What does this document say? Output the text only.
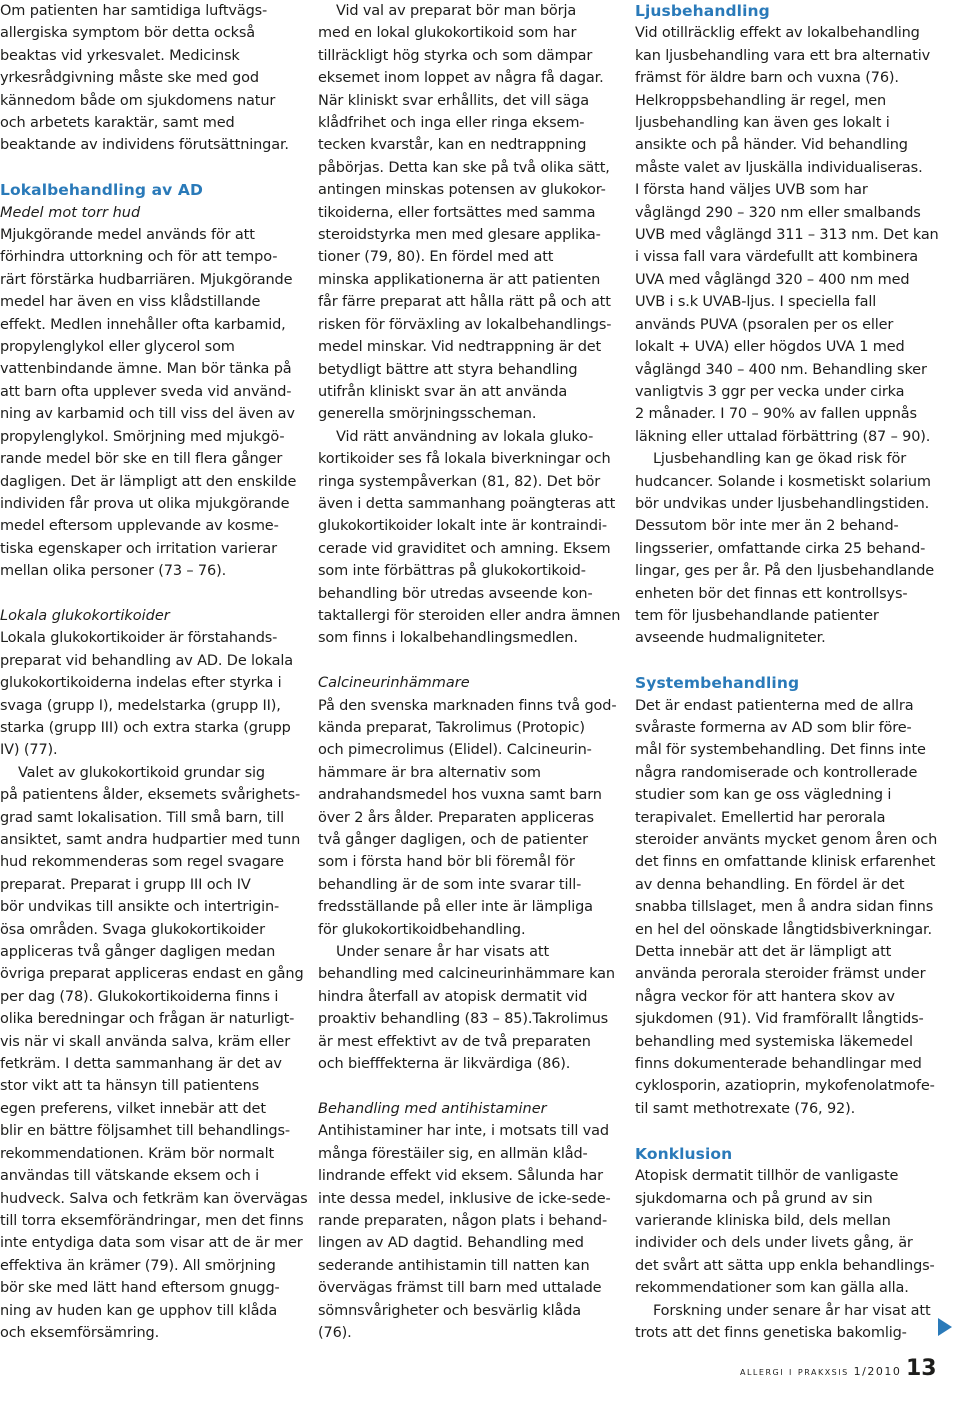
Om patienten har samtidiga luftvägs-
allergiska symptom bör detta också
beaktas vid yrkesvalet. Medicinsk
yrkesrådgivning måste ske med god
kännedom både om sjukdomens natur
och arbetets karaktär, samt med
beaktande av individens förutsättningar.
Lokalbehandling av AD
Medel mot torr hud
Mjukgörande medel används för att
förhindra uttorkning och för att tempo-
rärt förstärka hudbarriären. Mjukgörande
medel har även en viss klådstillande
effekt. Medlen innehåller ofta karbamid,
propylenglykol eller glycerol som
vattenbindande ämne. Man bör tänka på
att barn ofta upplever sveda vid använd-
ning av karbamid och till viss del även av
propylenglykol. Smörjning med mjukgö-
rande medel bör ske en till flera gånger
dagligen. Det är lämpligt att den enskilde
individen får prova ut olika mjukgörande
medel eftersom upplevande av kosme-
tiska egenskaper och irritation varierar
mellan olika personer (73 – 76).
Lokala glukokortikoider
Lokala glukokortikoider är förstahands-
preparat vid behandling av AD. De lokala
glukokortikoiderna indelas efter styrka i
svaga (grupp I), medelstarka (grupp II),
starka (grupp III) och extra starka (grupp
IV) (77).
Valet av glukokortikoid grundar sig
på patientens ålder, eksemets svårighets-
grad samt lokalisation. Till små barn, till
ansiktet, samt andra hudpartier med tunn
hud rekommenderas som regel svagare
preparat. Preparat i grupp III och IV
bör undvikas till ansikte och intertrigin-
ösa områden. Svaga glukokortikoider
appliceras två gånger dagligen medan
övriga preparat appliceras endast en gång
per dag (78). Glukokortikoiderna finns i
olika beredningar och frågan är naturligt-
vis när vi skall använda salva, kräm eller
fetkräm. I detta sammanhang är det av
stor vikt att ta hänsyn till patientens
egen preferens, vilket innebär att det
blir en bättre följsamhet till behandlings-
rekommendationen. Kräm bör normalt
användas till vätskande eksem och i
hudveck. Salva och fetkräm kan övervägas
till torra eksemförändringar, men det finns
inte entydiga data som visar att de är mer
effektiva än krämer (79). All smörjning
bör ske med lätt hand eftersom gnugg-
ning av huden kan ge upphov till klåda
och eksemförsämring.
Vid val av preparat bör man börja
med en lokal glukokortikoid som har
tillräckligt hög styrka och som dämpar
eksemet inom loppet av några få dagar.
När kliniskt svar erhållits, det vill säga
klådfrihet och inga eller ringa eksem-
tecken kvarstår, kan en nedtrappning
påbörjas. Detta kan ske på två olika sätt,
antingen minskas potensen av glukokor-
tikoiderna, eller fortsättes med samma
steroidstyrka men med glesare applika-
tioner (79, 80). En fördel med att
minska applikationerna är att patienten
får färre preparat att hålla rätt på och att
risken för förväxling av lokalbehandlings-
medel minskar. Vid nedtrappning är det
betydligt bättre att styra behandling
utifrån kliniskt svar än att använda
generella smörjningsscheman.
Vid rätt användning av lokala gluko-
kortikoider ses få lokala biverkningar och
ringa systempåverkan (81, 82). Det bör
även i detta sammanhang poängteras att
glukokortikoider lokalt inte är kontraindi-
cerade vid graviditet och amning. Eksem
som inte förbättras på glukokortikoid-
behandling bör utredas avseende kon-
taktallergi för steroiden eller andra ämnen
som finns i lokalbehandlingsmedlen.
Calcineurinhämmare
På den svenska marknaden finns två god-
kända preparat, Takrolimus (Protopic)
och pimecrolimus (Elidel). Calcineurin-
hämmare är bra alternativ som
andrahandsmedel hos vuxna samt barn
över 2 års ålder. Preparaten appliceras
två gånger dagligen, och de patienter
som i första hand bör bli föremål för
behandling är de som inte svarar till-
fredsställande på eller inte är lämpliga
för glukokortikoidbehandling.
Under senare år har visats att
behandling med calcineurinhämmare kan
hindra återfall av atopisk dermatit vid
proaktiv behandling (83 – 85).Takrolimus
är mest effektivt av de två preparaten
och biefffekterna är likvärdiga (86).
Behandling med antihistaminer
Antihistaminer har inte, i motsats till vad
många förestäiler sig, en allmän klåd-
lindrande effekt vid eksem. Sålunda har
inte dessa medel, inklusive de icke-sede-
rande preparaten, någon plats i behand-
lingen av AD dagtid. Behandling med
sederande antihistamin till natten kan
övervägas främst till barn med uttalade
sömnsvårigheter och besvärlig klåda
(76).
Ljusbehandling
Vid otillräcklig effekt av lokalbehandling
kan ljusbehandling vara ett bra alternativ
främst för äldre barn och vuxna (76).
Helkroppsbehandling är regel, men
ljusbehandling kan även ges lokalt i
ansikte och på händer. Vid behandling
måste valet av ljuskälla individualiseras.
I första hand väljes UVB som har
våglängd 290 – 320 nm eller smalbands
UVB med våglängd 311 – 313 nm. Det kan
i vissa fall vara värdefullt att kombinera
UVA med våglängd 320 – 400 nm med
UVB i s.k UVAB-ljus. I speciella fall
används PUVA (psoralen per os eller
lokalt + UVA) eller högdos UVA 1 med
våglängd 340 – 400 nm. Behandling sker
vanligtvis 3 ggr per vecka under cirka
2 månader. I 70 – 90% av fallen uppnås
läkning eller uttalad förbättring (87 – 90).
Ljusbehandling kan ge ökad risk för
hudcancer. Solande i kosmetiskt solarium
bör undvikas under ljusbehandlingstiden.
Dessutom bör inte mer än 2 behand-
lingsserier, omfattande cirka 25 behand-
lingar, ges per år. På den ljusbehandlande
enheten bör det finnas ett kontrollsys-
tem för ljusbehandlande patienter
avseende hudmaligniteter.
Systembehandling
Det är endast patienterna med de allra
svåraste formerna av AD som blir före-
mål för systembehandling. Det finns inte
några randomiserade och kontrollerade
studier som kan ge oss vägledning i
terapivalet. Emellertid har perorala
steroider använts mycket genom åren och
det finns en omfattande klinisk erfarenhet
av denna behandling. En fördel är det
snabba tillslaget, men å andra sidan finns
en hel del oönskade långtidsbiverkningar.
Detta innebär att det är lämpligt att
använda perorala steroider främst under
några veckor för att hantera skov av
sjukdomen (91). Vid framförallt långtids-
behandling med systemiska läkemedel
finns dokumenterade behandlingar med
cyklosporin, azatioprin, mykofenolatmofe-
til samt methotrexate (76, 92).
Konklusion
Atopisk dermatit tillhör de vanligaste
sjukdomarna och på grund av sin
varierande kliniska bild, dels mellan
individer och dels under livets gång, är
det svårt att sätta upp enkla behandlings-
rekommendationer som kan gälla alla.
Forskning under senare år har visat att
trots att det finns genetiska bakomlig-
allergi i prakxsis 1/2010 13
